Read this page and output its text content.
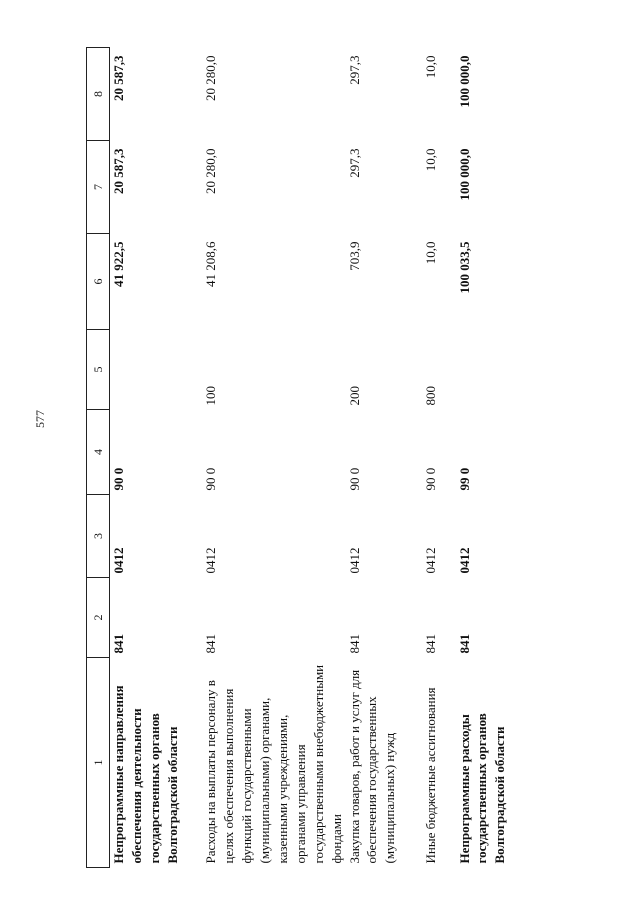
577
1	2	3	4	5	6	7	8
Непрограммные направления обеспечения деятельности государственных органов Волгоградской области	841	0412	90 0		41 922,5	20 587,3	20 587,3
Расходы на выплаты персоналу в целях обеспечения выполнения функций государственными (муниципальными) органами, казенными учреждениями, органами управления государственными внебюджетными фондами	841	0412	90 0	100	41 208,6	20 280,0	20 280,0
Закупка товаров, работ и услуг для обеспечения государственных (муниципальных) нужд	841	0412	90 0	200	703,9	297,3	297,3
Иные бюджетные ассигнования	841	0412	90 0	800	10,0	10,0	10,0
Непрограммные расходы государственных органов Волгоградской области	841	0412	99 0		100 033,5	100 000,0	100 000,0
